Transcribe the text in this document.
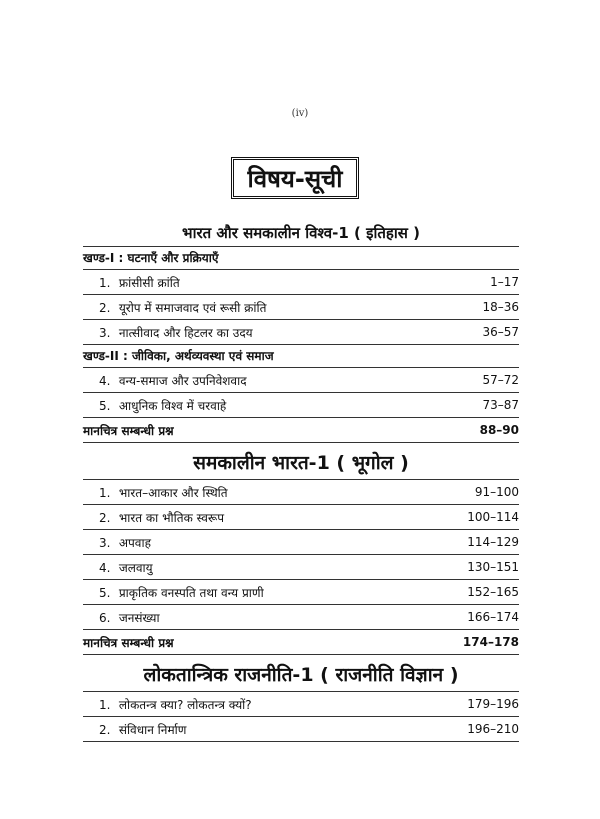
(iv)
विषय-सूची
भारत और समकालीन विश्व-1 ( इतिहास )
खण्ड-I : घटनाएँ और प्रक्रियाएँ
1. फ्रांसीसी क्रांति	1–17
2. यूरोप में समाजवाद एवं रूसी क्रांति	18–36
3. नात्सीवाद और हिटलर का उदय	36–57
खण्ड-II : जीविका, अर्थव्यवस्था एवं समाज
4. वन्य-समाज और उपनिवेशवाद	57–72
5. आधुनिक विश्व में चरवाहे	73–87
मानचित्र सम्बन्धी प्रश्न	88–90
समकालीन भारत-1 ( भूगोल )
1. भारत–आकार और स्थिति	91–100
2. भारत का भौतिक स्वरूप	100–114
3. अपवाह	114–129
4. जलवायु	130–151
5. प्राकृतिक वनस्पति तथा वन्य प्राणी	152–165
6. जनसंख्या	166–174
मानचित्र सम्बन्धी प्रश्न	174–178
लोकतान्त्रिक राजनीति-1 ( राजनीति विज्ञान )
1. लोकतन्त्र क्या? लोकतन्त्र क्यों?	179–196
2. संविधान निर्माण	196–210
